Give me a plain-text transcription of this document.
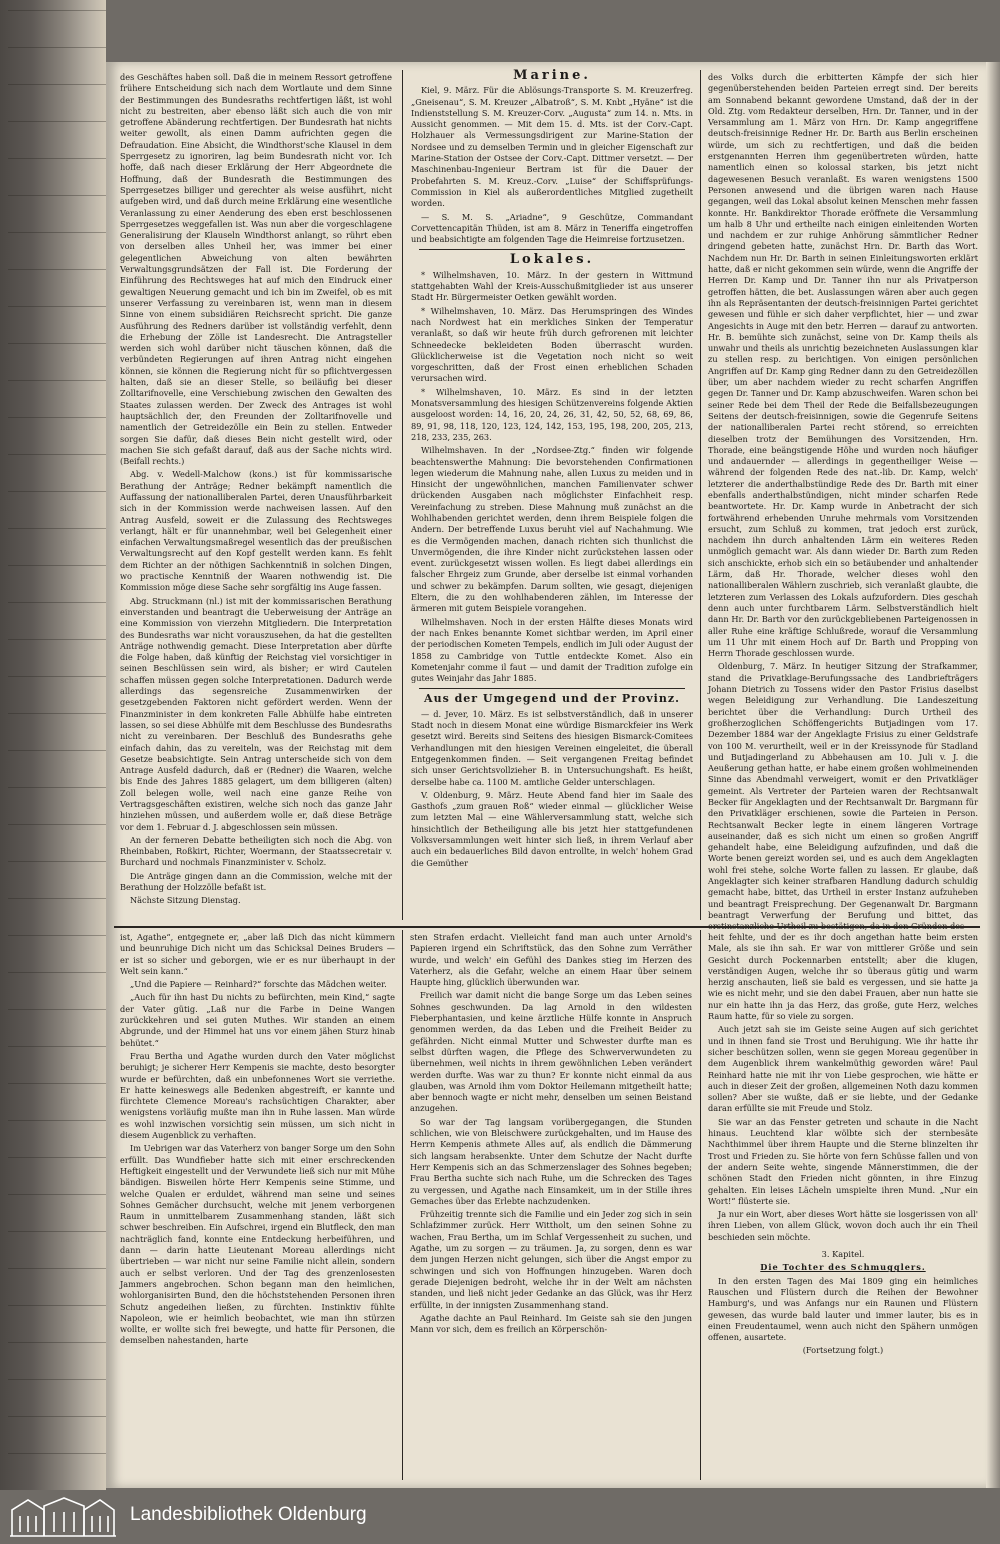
des Geschäftes haben soll. Daß die in meinem Ressort getroffene frühere Entscheidung sich nach dem Wortlaute und dem Sinne der Bestimmungen des Bundesraths rechtfertigen läßt, ist wohl nicht zu bestreiten, aber ebenso läßt sich auch die von mir getroffene Abänderung rechtfertigen. Der Bundesrath hat nichts weiter gewollt, als einen Damm aufrichten gegen die Defraudation. Eine Absicht, die Windthorst'sche Klausel in dem Sperrgesetz zu ignoriren, lag beim Bundesrath nicht vor. Ich hoffe, daß nach dieser Erklärung der Herr Abgeordnete die Hoffnung, daß der Bundesrath die Bestimmungen des Sperrgesetzes billiger und gerechter als weise ausführt, nicht aufgeben wird, und daß durch meine Erklärung eine wesentliche Veranlassung zu einer Aenderung des eben erst beschlossenen Sperrgesetzes weggefallen ist. Was nun aber die vorgeschlagene Generalisirung der Klauseln Windthorst anlangt, so rührt eben von derselben alles Unheil her, was immer bei einer gelegentlichen Abweichung von alten bewährten Verwaltungsgrundsätzen der Fall ist. Die Forderung der Einführung des Rechtsweges hat auf mich den Eindruck einer gewaltigen Neuerung gemacht und ich bin im Zweifel, ob es mit unserer Verfassung zu vereinbaren ist, wenn man in diesem Sinne von einem subsidiären Reichsrecht spricht. Die ganze Ausführung des Redners darüber ist vollständig verfehlt, denn die Erhebung der Zölle ist Landesrecht. Die Antragsteller werden sich wohl darüber nicht täuschen können, daß die verbündeten Regierungen auf ihren Antrag nicht eingehen können, sie können die Regierung nicht für so pflichtvergessen halten, daß sie an dieser Stelle, so beiläufig bei dieser Zolltarifnovelle, eine Verschiebung zwischen den Gewalten des Staates zulassen werden. Der Zweck des Antrages ist wohl hauptsächlich der, den Freunden der Zolltarifnovelle und namentlich der Getreidezölle ein Bein zu stellen. Entweder sorgen Sie dafür, daß dieses Bein nicht gestellt wird, oder machen Sie sich gefaßt darauf, daß aus der Sache nichts wird. (Beifall rechts.)

Abg. v. Wedell-Malchow (kons.) ist für kommissarische Berathung der Anträge; Redner bekämpft namentlich die Auffassung der nationalliberalen Partei, deren Unausführbarkeit sich in der Kommission werde nachweisen lassen. Auf den Antrag Ausfeld, soweit er die Zulassung des Rechtsweges verlangt, hält er für unannehmbar, weil bei Gelegenheit einer einfachen Verwaltungsmaßregel wesentlich das der preußischen Verwaltungsrecht auf den Kopf gestellt werden kann. Es fehlt dem Richter an der nöthigen Sachkenntniß in solchen Dingen, wo practische Kenntniß der Waaren nothwendig ist. Die Kommission möge diese Sache sehr sorgfältig ins Auge fassen.

Abg. Struckmann (nl.) ist mit der kommissarischen Berathung einverstanden und beantragt die Ueberweisung der Anträge an eine Kommission von vierzehn Mitgliedern. Die Interpretation des Bundesraths war nicht vorauszusehen, da hat die gestellten Anträge nothwendig gemacht. Diese Interpretation aber dürfte die Folge haben, daß künftig der Reichstag viel vorsichtiger in seinen Beschlüssen sein wird, als bisher; er wird Cautelen schaffen müssen gegen solche Interpretationen. Dadurch werde allerdings das segensreiche Zusammenwirken der gesetzgebenden Faktoren nicht gefördert werden. Wenn der Finanzminister in dem konkreten Falle Abhülfe habe eintreten lassen, so sei diese Abhülfe mit dem Beschlusse des Bundesraths nicht zu vereinbaren. Der Beschluß des Bundesraths gehe einfach dahin, das zu vereiteln, was der Reichstag mit dem Gesetze beabsichtigte. Sein Antrag unterscheide sich von dem Antrage Ausfeld dadurch, daß er (Redner) die Waaren, welche bis Ende des Jahres 1885 gelagert, um dem billigeren (alten) Zoll belegen wolle, weil nach eine ganze Reihe von Vertragsgeschäften existiren, welche sich noch das ganze Jahr hinziehen müssen, und außerdem wolle er, daß diese Beträge vor dem 1. Februar d. J. abgeschlossen sein müssen.

An der ferneren Debatte betheiligten sich noch die Abg. von Rheinbaben, Roßkirt, Richter, Woermann, der Staatssecretair v. Burchard und nochmals Finanzminister v. Scholz.

Die Anträge gingen dann an die Commission, welche mit der Berathung der Holzzölle befaßt ist.

Nächste Sitzung Dienstag.

Marine.

Kiel, 9. März. Für die Ablösungs-Transporte S. M. Kreuzerfreg. „Gneisenau“, S. M. Kreuzer „Albatroß“, S. M. Knbt „Hyäne“ ist die Indienststellung S. M. Kreuzer-Corv. „Augusta“ zum 14. n. Mts. in Aussicht genommen. — Mit dem 15. d. Mts. ist der Corv.-Capt. Holzhauer als Vermessungsdirigent zur Marine-Station der Nordsee und zu demselben Termin und in gleicher Eigenschaft zur Marine-Station der Ostsee der Corv.-Capt. Dittmer versetzt. — Der Maschinenbau-Ingenieur Bertram ist für die Dauer der Probefahrten S. M. Kreuz.-Corv. „Luise“ der Schiffsprüfungs-Commission in Kiel als außerordentliches Mitglied zugetheilt worden.

— S. M. S. „Ariadne“, 9 Geschütze, Commandant Corvettencapitän Thüden, ist am 8. März in Teneriffa eingetroffen und beabsichtigte am folgenden Tage die Heimreise fortzusetzen.

Lokales.

* Wilhelmshaven, 10. März. In der gestern in Wittmund stattgehabten Wahl der Kreis-Ausschußmitglieder ist aus unserer Stadt Hr. Bürgermeister Oetken gewählt worden.

* Wilhelmshaven, 10. März. Das Herumspringen des Windes nach Nordwest hat ein merkliches Sinken der Temperatur veranlaßt, so daß wir heute früh durch gefrorenen mit leichter Schneedecke bekleideten Boden überrascht wurden. Glücklicherweise ist die Vegetation noch nicht so weit vorgeschritten, daß der Frost einen erheblichen Schaden verursachen wird.

* Wilhelmshaven, 10. März. Es sind in der letzten Monatsversammlung des hiesigen Schützenvereins folgende Aktien ausgeloost worden: 14, 16, 20, 24, 26, 31, 42, 50, 52, 68, 69, 86, 89, 91, 98, 118, 120, 123, 124, 142, 153, 195, 198, 200, 205, 213, 218, 233, 235, 263.

Wilhelmshaven. In der „Nordsee-Ztg.“ finden wir folgende beachtenswerthe Mahnung: Die bevorstehenden Confirmationen legen wiederum die Mahnung nahe, allen Luxus zu meiden und in Hinsicht der ungewöhnlichen, manchen Familienvater schwer drückenden Ausgaben nach möglichster Einfachheit resp. Vereinfachung zu streben. Diese Mahnung muß zunächst an die Wohlhabenden gerichtet werden, denn ihrem Beispiele folgen die Andern. Der betreffende Luxus beruht viel auf Nachahmung. Wie es die Vermögenden machen, danach richten sich thunlichst die Unvermögenden, die ihre Kinder nicht zurückstehen lassen oder event. zurückgesetzt wissen wollen. Es liegt dabei allerdings ein falscher Ehrgeiz zum Grunde, aber derselbe ist einmal vorhanden und schwer zu bekämpfen. Darum sollten, wie gesagt, diejenigen Eltern, die zu den wohlhabenderen zählen, im Interesse der ärmeren mit gutem Beispiele vorangehen.

Wilhelmshaven. Noch in der ersten Hälfte dieses Monats wird der nach Enkes benannte Komet sichtbar werden, im April einer der periodischen Kometen Tempels, endlich im Juli oder August der 1858 zu Cambridge von Tuttle entdeckte Komet. Also ein Kometenjahr comme il faut — und damit der Tradition zufolge ein gutes Weinjahr das Jahr 1885.

Aus der Umgegend und der Provinz.

— d. Jever, 10. März. Es ist selbstverständlich, daß in unserer Stadt noch in diesem Monat eine würdige Bismarckfeier ins Werk gesetzt wird. Bereits sind Seitens des hiesigen Bismarck-Comitees Verhandlungen mit den hiesigen Vereinen eingeleitet, die überall Entgegenkommen finden. — Seit vergangenen Freitag befindet sich unser Gerichtsvollzieher B. in Untersuchungshaft. Es heißt, derselbe habe ca. 1100 M. amtliche Gelder unterschlagen.

V. Oldenburg, 9. März. Heute Abend fand hier im Saale des Gasthofs „zum grauen Roß“ wieder einmal — glücklicher Weise zum letzten Mal — eine Wählerversammlung statt, welche sich hinsichtlich der Betheiligung alle bis jetzt hier stattgefundenen Volksversammlungen weit hinter sich ließ, in ihrem Verlauf aber auch ein bedauerliches Bild davon entrollte, in welch' hohem Grad die Gemüther

des Volks durch die erbitterten Kämpfe der sich hier gegenüberstehenden beiden Parteien erregt sind. Der bereits am Sonnabend bekannt gewordene Umstand, daß der in der Old. Ztg. vom Redakteur derselben, Hrn. Dr. Tanner, und in der Versammlung am 1. März von Hrn. Dr. Kamp angegriffene deutsch-freisinnige Redner Hr. Dr. Barth aus Berlin erscheinen würde, um sich zu rechtfertigen, und daß die beiden erstgenannten Herren ihm gegenübertreten würden, hatte namentlich einen so kolossal starken, bis jetzt nicht dagewesenen Besuch veranlaßt. Es waren wenigstens 1500 Personen anwesend und die übrigen waren nach Hause gegangen, weil das Lokal absolut keinen Menschen mehr fassen konnte. Hr. Bankdirektor Thorade eröffnete die Versammlung um halb 8 Uhr und ertheilte nach einigen einleitenden Worten und nachdem er zur ruhige Anhörung sämmtlicher Redner dringend gebeten hatte, zunächst Hrn. Dr. Barth das Wort. Nachdem nun Hr. Dr. Barth in seinen Einleitungsworten erklärt hatte, daß er nicht gekommen sein würde, wenn die Angriffe der Herren Dr. Kamp und Dr. Tanner ihn nur als Privatperson getroffen hätten, die bet. Auslassungen wären aber auch gegen ihn als Repräsentanten der deutsch-freisinnigen Partei gerichtet gewesen und fühle er sich daher verpflichtet, hier — und zwar Angesichts in Auge mit den betr. Herren — darauf zu antworten. Hr. B. bemühte sich zunächst, seine von Dr. Kamp theils als unwahr und theils als unrichtig bezeichneten Auslassungen klar zu stellen resp. zu berichtigen. Von einigen persönlichen Angriffen auf Dr. Kamp ging Redner dann zu den Getreidezöllen über, um aber nachdem wieder zu recht scharfen Angriffen gegen Dr. Tanner und Dr. Kamp abzuschweifen. Waren schon bei seiner Rede bei dem Theil der Rede die Beifallsbezeugungen Seitens der deutsch-freisinnigen, sowie die Gegenrufe Seitens der nationalliberalen Partei recht störend, so erreichten dieselben trotz der Bemühungen des Vorsitzenden, Hrn. Thorade, eine beängstigende Höhe und wurden noch häufiger und andauernder — allerdings in gegentheiliger Weise — während der folgenden Rede des nat.-lib. Dr. Kamp, welch' letzterer die anderthalbstündige Rede des Dr. Barth mit einer ebenfalls anderthalbstündigen, nicht minder scharfen Rede beantwortete. Hr. Dr. Kamp wurde in Anbetracht der sich fortwährend erhebenden Unruhe mehrmals vom Vorsitzenden ersucht, zum Schluß zu kommen, trat jedoch erst zurück, nachdem ihn durch anhaltenden Lärm ein weiteres Reden unmöglich gemacht war. Als dann wieder Dr. Barth zum Reden sich anschickte, erhob sich ein so betäubender und anhaltender Lärm, daß Hr. Thorade, welcher dieses wohl den nationalliberalen Wählern zuschrieb, sich veranlaßt glaubte, die letzteren zum Verlassen des Lokals aufzufordern. Dies geschah denn auch unter furchtbarem Lärm. Selbstverständlich hielt dann Hr. Dr. Barth vor den zurückgebliebenen Parteigenossen in aller Ruhe eine kräftige Schlußrede, worauf die Versammlung um 11 Uhr mit einem Hoch auf Dr. Barth und Propping von Herrn Thorade geschlossen wurde.

Oldenburg, 7. März. In heutiger Sitzung der Strafkammer, stand die Privatklage-Berufungssache des Landbriefträgers Johann Dietrich zu Tossens wider den Pastor Frisius daselbst wegen Beleidigung zur Verhandlung. Die Landeszeitung berichtet über die Verhandlung: Durch Urtheil des großherzoglichen Schöffengerichts Butjadingen vom 17. Dezember 1884 war der Angeklagte Frisius zu einer Geldstrafe von 100 M. verurtheilt, weil er in der Kreissynode für Stadland und Butjadingerland zu Abbehausen am 10. Juli v. J. die Aeußerung gethan hatte, er habe einem großen wohlmeinenden Sinne das Abendmahl verweigert, womit er den Privatkläger gemeint. Als Vertreter der Parteien waren der Rechtsanwalt Becker für Angeklagten und der Rechtsanwalt Dr. Bargmann für den Privatkläger erschienen, sowie die Parteien in Person. Rechtsanwalt Becker legte in einem längeren Vortrage auseinander, daß es sich nicht um einen so großen Angriff gehandelt habe, eine Beleidigung aufzufinden, und daß die Worte benen gereizt worden sei, und es auch dem Angeklagten wohl frei stehe, solche Worte fallen zu lassen. Er glaube, daß Angeklagter sich keiner strafbaren Handlung dadurch schuldig gemacht habe, bittet, das Urtheil in erster Instanz aufzuheben und beantragt Freisprechung. Der Gegenanwalt Dr. Bargmann beantragt Verwerfung der Berufung und bittet, das

ist, Agathe“, entgegnete er, „aber laß Dich das nicht kümmern und beunruhige Dich nicht um das Schicksal Deines Bruders — er ist so sicher und geborgen, wie er es nur überhaupt in der Welt sein kann.“

„Und die Papiere — Reinhard?“ forschte das Mädchen weiter.

„Auch für ihn hast Du nichts zu befürchten, mein Kind,“ sagte der Vater gütig. „Laß nur die Farbe in Deine Wangen zurückkehren und sei guten Muthes. Wir standen an einem Abgrunde, und der Himmel hat uns vor einem jähen Sturz hinab behütet.“

Frau Bertha und Agathe wurden durch den Vater möglichst beruhigt; je sicherer Herr Kempenis sie machte, desto besorgter wurde er befürchten, daß ein unbefonnenes Wort sie verriethe. Er hatte keineswegs alle Bedenken abgestreift, er kannte und fürchtete Clemence Moreau's rachsüchtigen Charakter, aber wenigstens vorläufig mußte man ihn in Ruhe lassen. Man würde es wohl inzwischen vorsichtig sein müssen, um sich nicht in diesem Augenblick zu verhaften.

Im Uebrigen war das Vaterherz von banger Sorge um den Sohn erfüllt. Das Wundfieber hatte sich mit einer erschreckenden Heftigkeit eingestellt und der Verwundete ließ sich nur mit Mühe bändigen. Bisweilen hörte Herr Kempenis seine Stimme, und welche Qualen er erduldet, während man seine und seines Sohnes Gemächer durchsucht, welche mit jenem verborgenen Raum in unmittelbarem Zusammenhang standen, läßt sich schwer beschreiben. Ein Aufschrei, irgend ein Blutfleck, den man nachträglich fand, konnte eine Entdeckung herbeiführen, und dann — darin hatte Lieutenant Moreau allerdings nicht übertrieben — war nicht nur seine Familie nicht allein, sondern auch er selbst verloren. Und der Tag des grenzenlosesten Jammers angebrochen. Schon begann man den heimlichen, wohlorganisirten Bund, den die höchststehenden Personen ihren Schutz angedeihen ließen, zu fürchten. Instinktiv fühlte Napoleon, wie er heimlich beobachtet, wie man ihn stürzen wollte, er wollte sich frei bewegte, und hatte für Personen, die demselben nahestanden, harte

sten Strafen erdacht. Vielleicht fand man auch unter Arnold's Papieren irgend ein Schriftstück, das den Sohne zum Verräther wurde, und welch' ein Gefühl des Dankes stieg im Herzen des Vaterherz, als die Gefahr, welche an einem Haar über seinem Haupte hing, glücklich überwunden war.

Freilich war damit nicht die bange Sorge um das Leben seines Sohnes geschwunden. Da lag Arnold in den wildesten Fieberphantasien, und keine ärztliche Hülfe konnte in Anspruch genommen werden, da das Leben und die Freiheit Beider zu gefährden. Nicht einmal Mutter und Schwester durfte man es selbst dürften wagen, die Pflege des Schwerverwundeten zu übernehmen, weil nichts in ihrem gewöhnlichen Leben verändert werden durfte. Was war zu thun? Er konnte nicht einmal da aus glauben, was Arnold ihm vom Doktor Heilemann mitgetheilt hatte; aber bennoch wagte er nicht mehr, denselben um seinen Beistand anzugehen.

So war der Tag langsam vorübergegangen, die Stunden schlichen, wie von Bleischwere zurückgehalten, und im Hause des Herrn Kempenis athmete Alles auf, als endlich die Dämmerung sich langsam herabsenkte. Unter dem Schutze der Nacht durfte Herr Kempenis sich an das Schmerzenslager des Sohnes begeben; Frau Bertha suchte sich nach Ruhe, um die Schrecken des Tages zu vergessen, und Agathe nach Einsamkeit, um in der Stille ihres Gemaches über das Erlebte nachzudenken.

Frühzeitig trennte sich die Familie und ein Jeder zog sich in sein Schlafzimmer zurück. Herr Wittholt, um den seinen Sohne zu wachen, Frau Bertha, um im Schlaf Vergessenheit zu suchen, und Agathe, um zu sorgen — zu träumen. Ja, zu sorgen, denn es war dem jungen Herzen nicht gelungen, sich über die Angst empor zu schwingen und sich von Hoffnungen hinzugeben. Waren doch gerade Diejenigen bedroht, welche ihr in der Welt am nächsten standen, und ließ nicht jeder Gedanke an das Glück, was ihr Herz erfüllte, in der innigsten Zusammenhang stand.

Agathe dachte an Paul Reinhard. Im Geiste sah sie den jungen Mann vor sich, dem es freilich an Körperschön-

heit fehlte, und der es ihr doch angethan hatte beim ersten Male, als sie ihn sah. Er war von mittlerer Größe und sein Gesicht durch Pockennarben entstellt; aber die klugen, verständigen Augen, welche ihr so überaus gütig und warm herzig anschauten, ließ sie bald es vergessen, und sie hatte ja wie es nicht mehr, und sie den dabei Frauen, aber nun hatte sie nur ein hatte ihn ja das Herz, das große, gute Herz, welches Raum hatte, für so viele zu sorgen.

Auch jetzt sah sie im Geiste seine Augen auf sich gerichtet und in ihnen fand sie Trost und Beruhigung. Wie ihr hatte ihr sicher beschützen sollen, wenn sie gegen Moreau gegenüber in dem Augenblick ihrem wankelmüthig geworden wäre! Paul Reinhard hatte nie mit ihr von Liebe gesprochen, wie hätte er auch in dieser Zeit der großen, allgemeinen Noth dazu kommen sollen? Aber sie wußte, daß er sie liebte, und der Gedanke daran erfüllte sie mit Freude und Stolz.

Sie war an das Fenster getreten und schaute in die Nacht hinaus. Leuchtend klar wölbte sich der sternbesäte Nachthimmel über ihrem Haupte und die Sterne blinzelten ihr Trost und Frieden zu. Sie hörte von fern Schüsse fallen und von der andern Seite wehte, singende Männerstimmen, die der schönen Stadt den Frieden nicht gönnten, in ihre Einzug gehalten. Ein leises Lächeln umspielte ihren Mund. „Nur ein Wort!“ flüsterte sie.

Ja nur ein Wort, aber dieses Wort hätte sie losgerissen von all' ihren Lieben, von allem Glück, wovon doch auch ihr ein Theil beschieden sein möchte.

3. Kapitel.

Die Tochter des Schmugglers.

In den ersten Tagen des Mai 1809 ging ein heimliches Rauschen und Flüstern durch die Reihen der Bewohner Hamburg's, und was Anfangs nur ein Raunen und Flüstern gewesen, das wurde bald lauter und immer lauter, bis es in einen Freudentaumel, wenn auch nicht den Spähern unmögen offenen, ausartete.

(Fortsetzung folgt.)

Landesbibliothek Oldenburg
